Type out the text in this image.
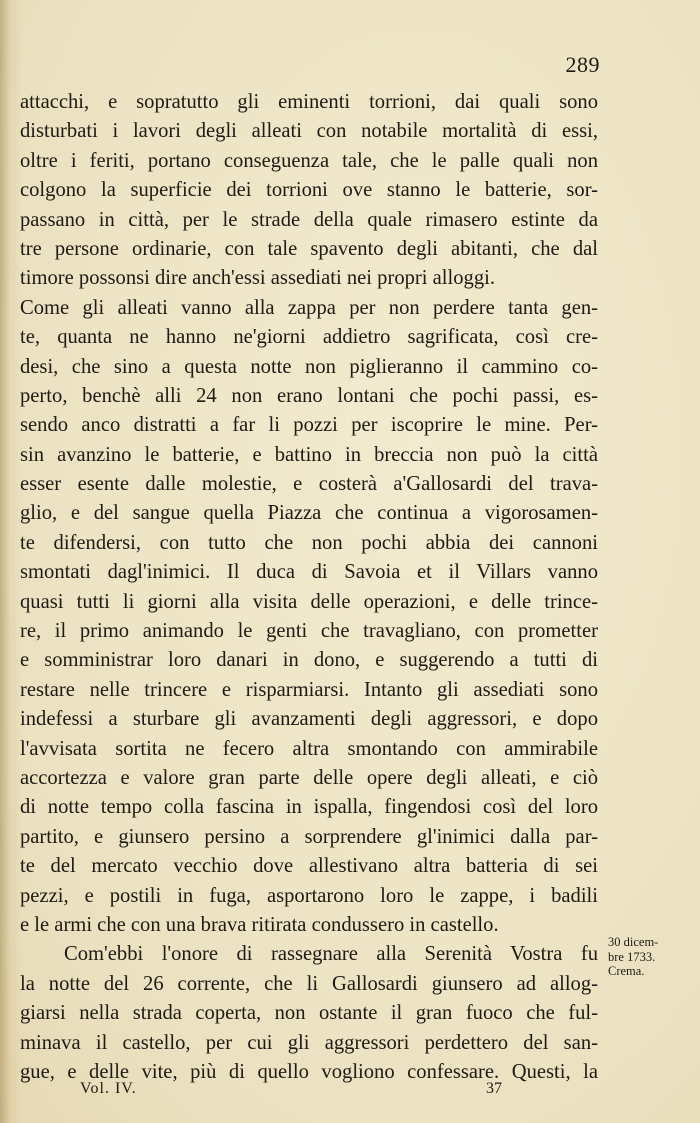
289
attacchi, e sopratutto gli eminenti torrioni, dai quali sono
disturbati i lavori degli alleati con notabile mortalità di essi,
oltre i feriti, portano conseguenza tale, che le palle quali non
colgono la superficie dei torrioni ove stanno le batterie, sor-
passano in città, per le strade della quale rimasero estinte da
tre persone ordinarie, con tale spavento degli abitanti, che dal
timore possonsi dire anch'essi assediati nei propri alloggi.
Come gli alleati vanno alla zappa per non perdere tanta gen-
te, quanta ne hanno ne'giorni addietro sagrificata, così cre-
desi, che sino a questa notte non piglieranno il cammino co-
perto, benchè alli 24 non erano lontani che pochi passi, es-
sendo anco distratti a far li pozzi per iscoprire le mine. Per-
sin avanzino le batterie, e battino in breccia non può la città
esser esente dalle molestie, e costerà a'Gallosardi del trava-
glio, e del sangue quella Piazza che continua a vigorosamen-
te difendersi, con tutto che non pochi abbia dei cannoni
smontati dagl'inimici. Il duca di Savoia et il Villars vanno
quasi tutti li giorni alla visita delle operazioni, e delle trince-
re, il primo animando le genti che travagliano, con prometter
e somministrar loro danari in dono, e suggerendo a tutti di
restare nelle trincere e risparmiarsi. Intanto gli assediati sono
indefessi a sturbare gli avanzamenti degli aggressori, e dopo
l'avvisata sortita ne fecero altra smontando con ammirabile
accortezza e valore gran parte delle opere degli alleati, e ciò
di notte tempo colla fascina in ispalla, fingendosi così del loro
partito, e giunsero persino a sorprendere gl'inimici dalla par-
te del mercato vecchio dove allestivano altra batteria di sei
pezzi, e postili in fuga, asportarono loro le zappe, i badili
e le armi che con una brava ritirata condussero in castello.
Com'ebbi l'onore di rassegnare alla Serenità Vostra fu
la notte del 26 corrente, che li Gallosardi giunsero ad allog-
giarsi nella strada coperta, non ostante il gran fuoco che ful-
minava il castello, per cui gli aggressori perdettero del san-
gue, e delle vite, più di quello vogliono confessare. Questi, la
30 dicem-
bre 1733.
Crema.
Vol. IV.	37
